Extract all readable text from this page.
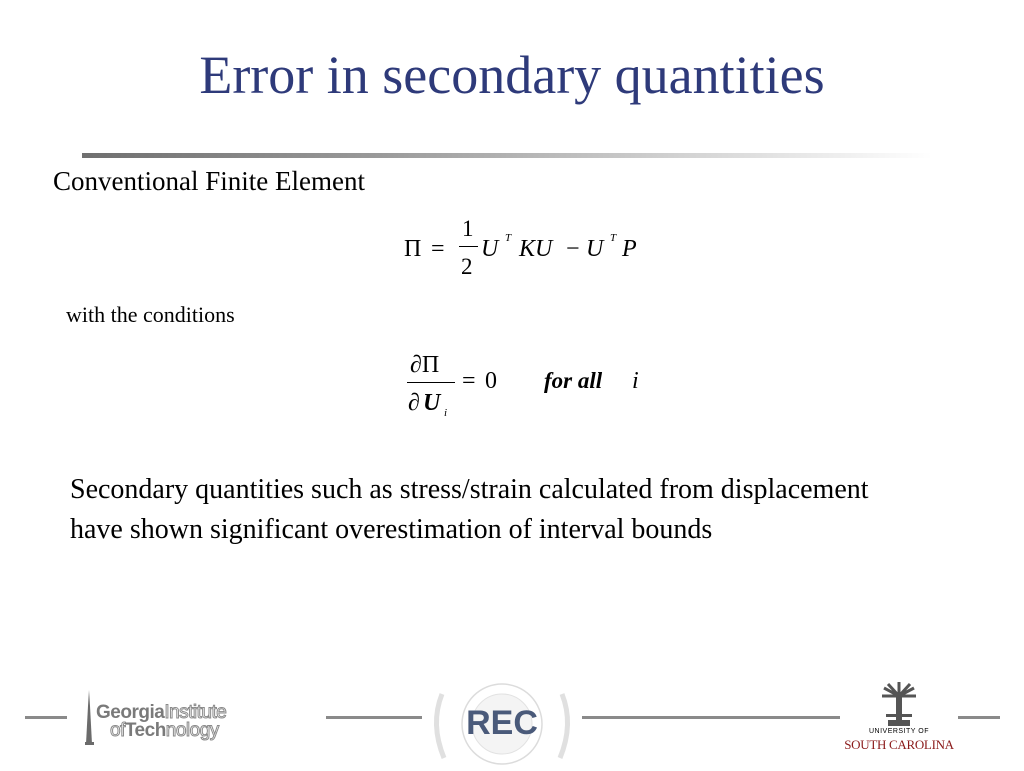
Error in secondary quantities
Conventional Finite Element
Π =
1
2
U T KU − U T P
with the conditions
∂Π
∂ U i
= 0 for all i
Secondary quantities such as stress/strain calculated from displacement have shown significant overestimation of interval bounds
GeorgiaInstitute
ofTechnology	REC	UNIVERSITY OF
SOUTH CAROLINA
